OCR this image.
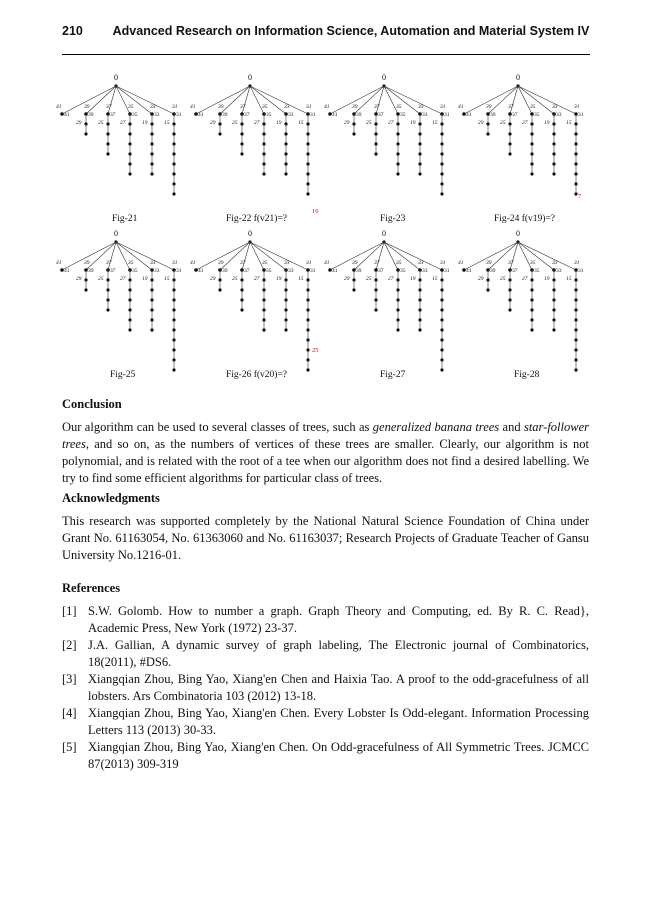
210 Advanced Research on Information Science, Automation and Material System IV
0
41
41
39
39
37
37
35
35
33
33
31
31
29	25	27	19	15
0
41
41
39
39
37
37
35
35
33
33
31
31
29	25	27	19	15
0
41
41
39
39
37
37
35
35
33
33
31
31
29	25	27	19	15
0
41
41
39
39
37
37
35
35
33
33
31
31
29	25	27	19	15
0
41
41
39
39
37
37
35
35
33
33
31
31
29	25	27	19	15
0
41
41
39
39
37
37
35
35
33
33
31
31
29	25	27	19	15
0
41
41
39
39
37
37
35
35
33
33
31
31
29	25	27	19	15
0
41
41
39
39
37
37
35
35
33
33
31
31
29	25	27	19	15
10
7
25
Fig-21	Fig-22 f(v21)=?	Fig-23	Fig-24 f(v19)=?
Fig-25	Fig-26 f(v20)=?	Fig-27	Fig-28
Conclusion

Our algorithm can be used to several classes of trees, such as generalized banana trees and star-follower trees, and so on, as the numbers of vertices of these trees are smaller. Clearly, our algorithm is not polynomial, and is related with the root of a tee when our algorithm does not find a desired labelling. We try to find some efficient algorithms for particular class of trees.

Acknowledgments

This research was supported completely by the National Natural Science Foundation of China under Grant No. 61163054, No. 61363060 and No. 61163037; Research Projects of Graduate Teacher of Gansu University No.1216-01.

References
[1] S.W. Golomb. How to number a graph. Graph Theory and Computing, ed. By R. C. Read}, Academic Press, New York (1972) 23-37.
[2] J.A. Gallian, A dynamic survey of graph labeling, The Electronic journal of Combinatorics, 18(2011), #DS6.
[3] Xiangqian Zhou, Bing Yao, Xiang'en Chen and Haixia Tao. A proof to the odd-gracefulness of all lobsters. Ars Combinatoria 103 (2012) 13-18.
[4] Xiangqian Zhou, Bing Yao, Xiang'en Chen. Every Lobster Is Odd-elegant. Information Processing Letters 113 (2013) 30-33.
[5] Xiangqian Zhou, Bing Yao, Xiang'en Chen. On Odd-gracefulness of All Symmetric Trees. JCMCC 87(2013) 309-319
